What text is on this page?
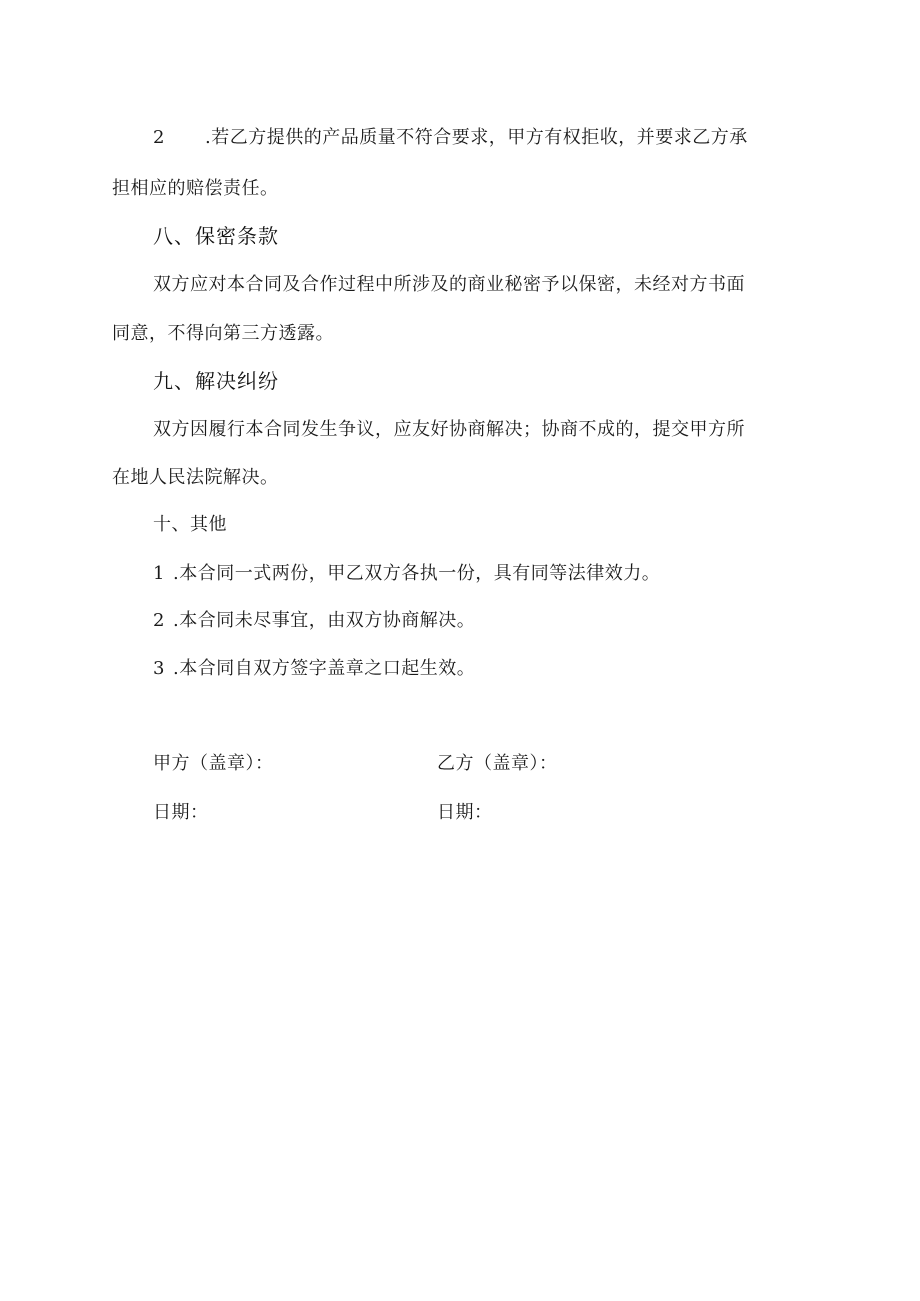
2 .若乙方提供的产品质量不符合要求，甲方有权拒收，并要求乙方承
担相应的赔偿责任。
八、保密条款
双方应对本合同及合作过程中所涉及的商业秘密予以保密，未经对方书面
同意，不得向第三方透露。
九、解决纠纷
双方因履行本合同发生争议，应友好协商解决；协商不成的，提交甲方所
在地人民法院解决。
十、其他
1 .本合同一式两份，甲乙双方各执一份，具有同等法律效力。
2 .本合同未尽事宜，由双方协商解决。
3 .本合同自双方签字盖章之口起生效。
甲方（盖章）：	乙方（盖章）：
日期：	日期：
